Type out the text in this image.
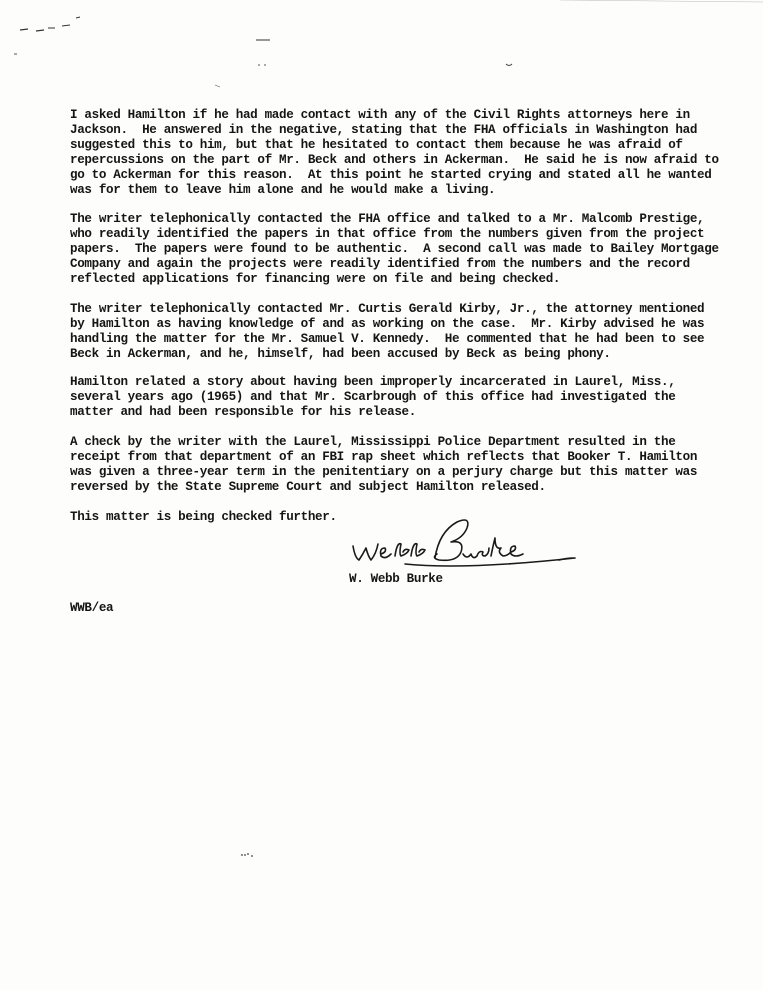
I asked Hamilton if he had made contact with any of the Civil Rights attorneys here in
Jackson.  He answered in the negative, stating that the FHA officials in Washington had
suggested this to him, but that he hesitated to contact them because he was afraid of
repercussions on the part of Mr. Beck and others in Ackerman.  He said he is now afraid to
go to Ackerman for this reason.  At this point he started crying and stated all he wanted
was for them to leave him alone and he would make a living.
The writer telephonically contacted the FHA office and talked to a Mr. Malcomb Prestige,
who readily identified the papers in that office from the numbers given from the project
papers.  The papers were found to be authentic.  A second call was made to Bailey Mortgage
Company and again the projects were readily identified from the numbers and the record
reflected applications for financing were on file and being checked.
The writer telephonically contacted Mr. Curtis Gerald Kirby, Jr., the attorney mentioned
by Hamilton as having knowledge of and as working on the case.  Mr. Kirby advised he was
handling the matter for the Mr. Samuel V. Kennedy.  He commented that he had been to see
Beck in Ackerman, and he, himself, had been accused by Beck as being phony.
Hamilton related a story about having been improperly incarcerated in Laurel, Miss.,
several years ago (1965) and that Mr. Scarbrough of this office had investigated the
matter and had been responsible for his release.
A check by the writer with the Laurel, Mississippi Police Department resulted in the
receipt from that department of an FBI rap sheet which reflects that Booker T. Hamilton
was given a three-year term in the penitentiary on a perjury charge but this matter was
reversed by the State Supreme Court and subject Hamilton released.
This matter is being checked further.
W. Webb Burke
WWB/ea
